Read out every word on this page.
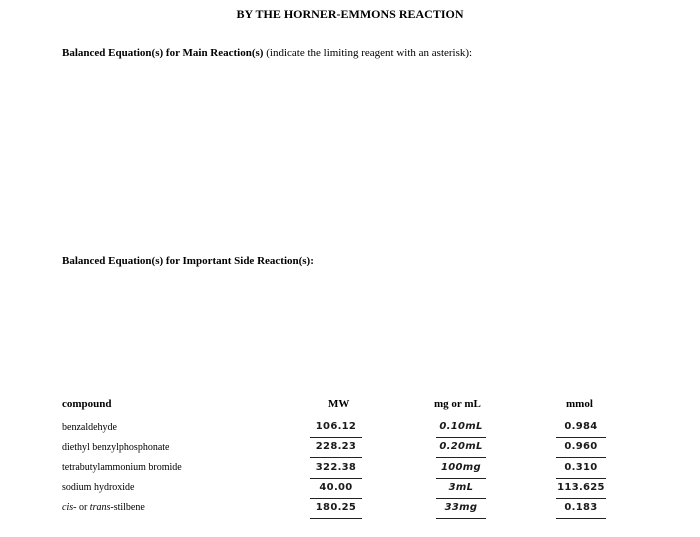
BY THE HORNER-EMMONS REACTION
Balanced Equation(s) for Main Reaction(s) (indicate the limiting reagent with an asterisk):
Balanced Equation(s) for Important Side Reaction(s):
compound	MW	mg or mL	mmol
benzaldehyde	106.12	0.10mL	0.984
diethyl benzylphosphonate	228.23	0.20mL	0.960
tetrabutylammonium bromide	322.38	100mg	0.310
sodium hydroxide	40.00	3mL	113.625
cis- or trans-stilbene	180.25	33mg	0.183
